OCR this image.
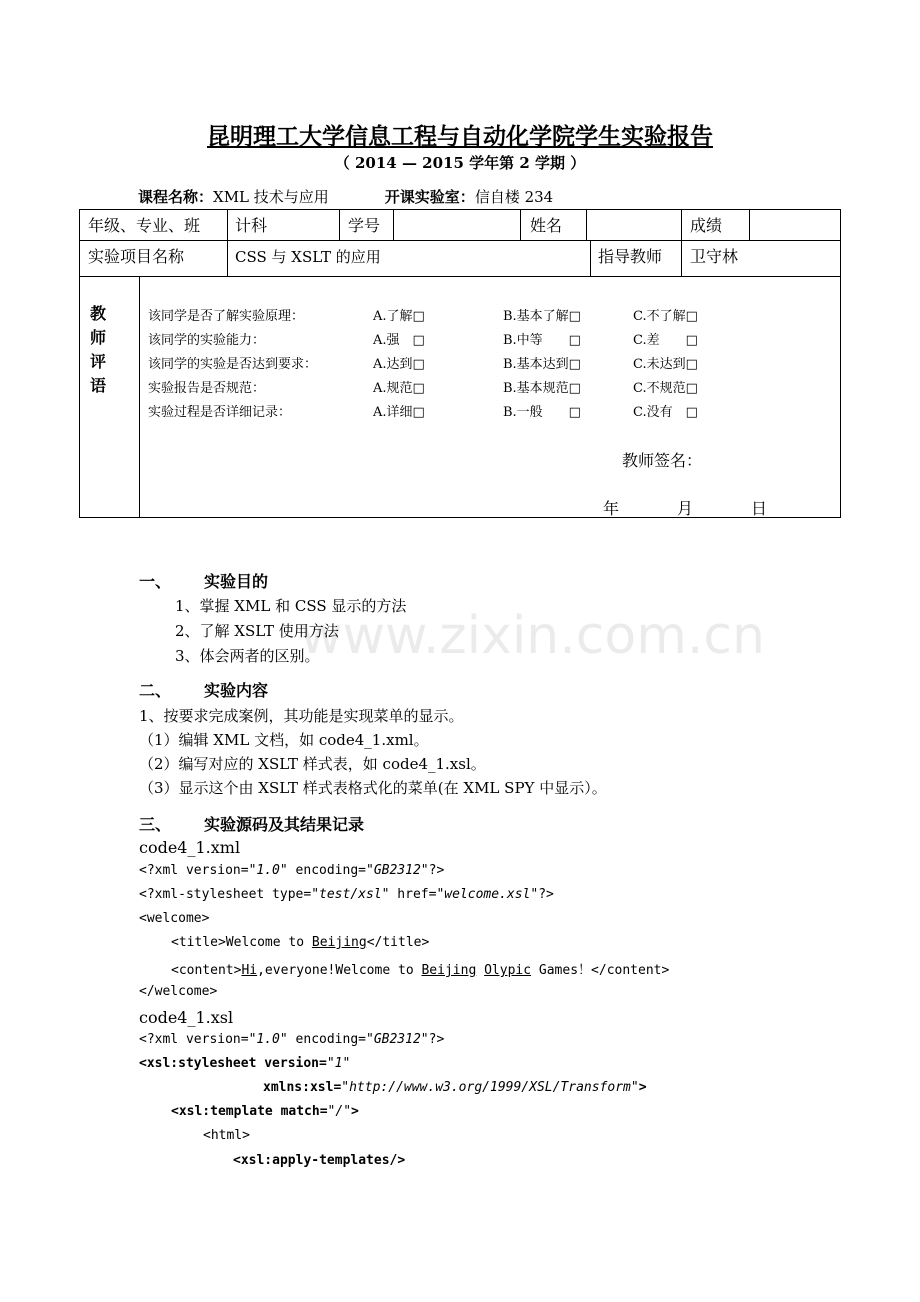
www.zixin.com.cn
昆明理工大学信息工程与自动化学院学生实验报告
（ 2014 — 2015 学年第 2 学期 ）
课程名称：XML 技术与应用	开课实验室：信自楼 234
年级、专业、班 计科	学号	姓名	成绩
实验项目名称	CSS 与 XSLT 的应用	指导教师 卫守林
教
师
评
语
该同学是否了解实验原理：	A.了解□	B.基本了解□	C.不了解□
该同学的实验能力：	A.强　□	B.中等　　□	C.差　　□
该同学的实验是否达到要求：	A.达到□	B.基本达到□	C.未达到□
实验报告是否规范：	A.规范□	B.基本规范□	C.不规范□
实验过程是否详细记录：	A.详细□	B.一般　　□	C.没有　□
教师签名：
年	月	日
一、 实验目的
1、掌握 XML 和 CSS 显示的方法
2、了解 XSLT 使用方法
3、体会两者的区别。
二、 实验内容
1、按要求完成案例，其功能是实现菜单的显示。
（1）编辑 XML 文档，如 code4_1.xml。
（2）编写对应的 XSLT 样式表，如 code4_1.xsl。
（3）显示这个由 XSLT 样式表格式化的菜单(在 XML SPY 中显示）。
三、 实验源码及其结果记录
code4_1.xml
<?xml version="1.0" encoding="GB2312"?>
<?xml-stylesheet type="test/xsl" href="welcome.xsl"?>
<welcome>
<title>Welcome to Beijing</title>
<content>Hi,everyone!Welcome to Beijing Olypic Games！</content>
</welcome>
code4_1.xsl
<?xml version="1.0" encoding="GB2312"?>
<xsl:stylesheet version="1"
xmlns:xsl="http://www.w3.org/1999/XSL/Transform">
<xsl:template match="/">
<html>
<xsl:apply-templates/>
